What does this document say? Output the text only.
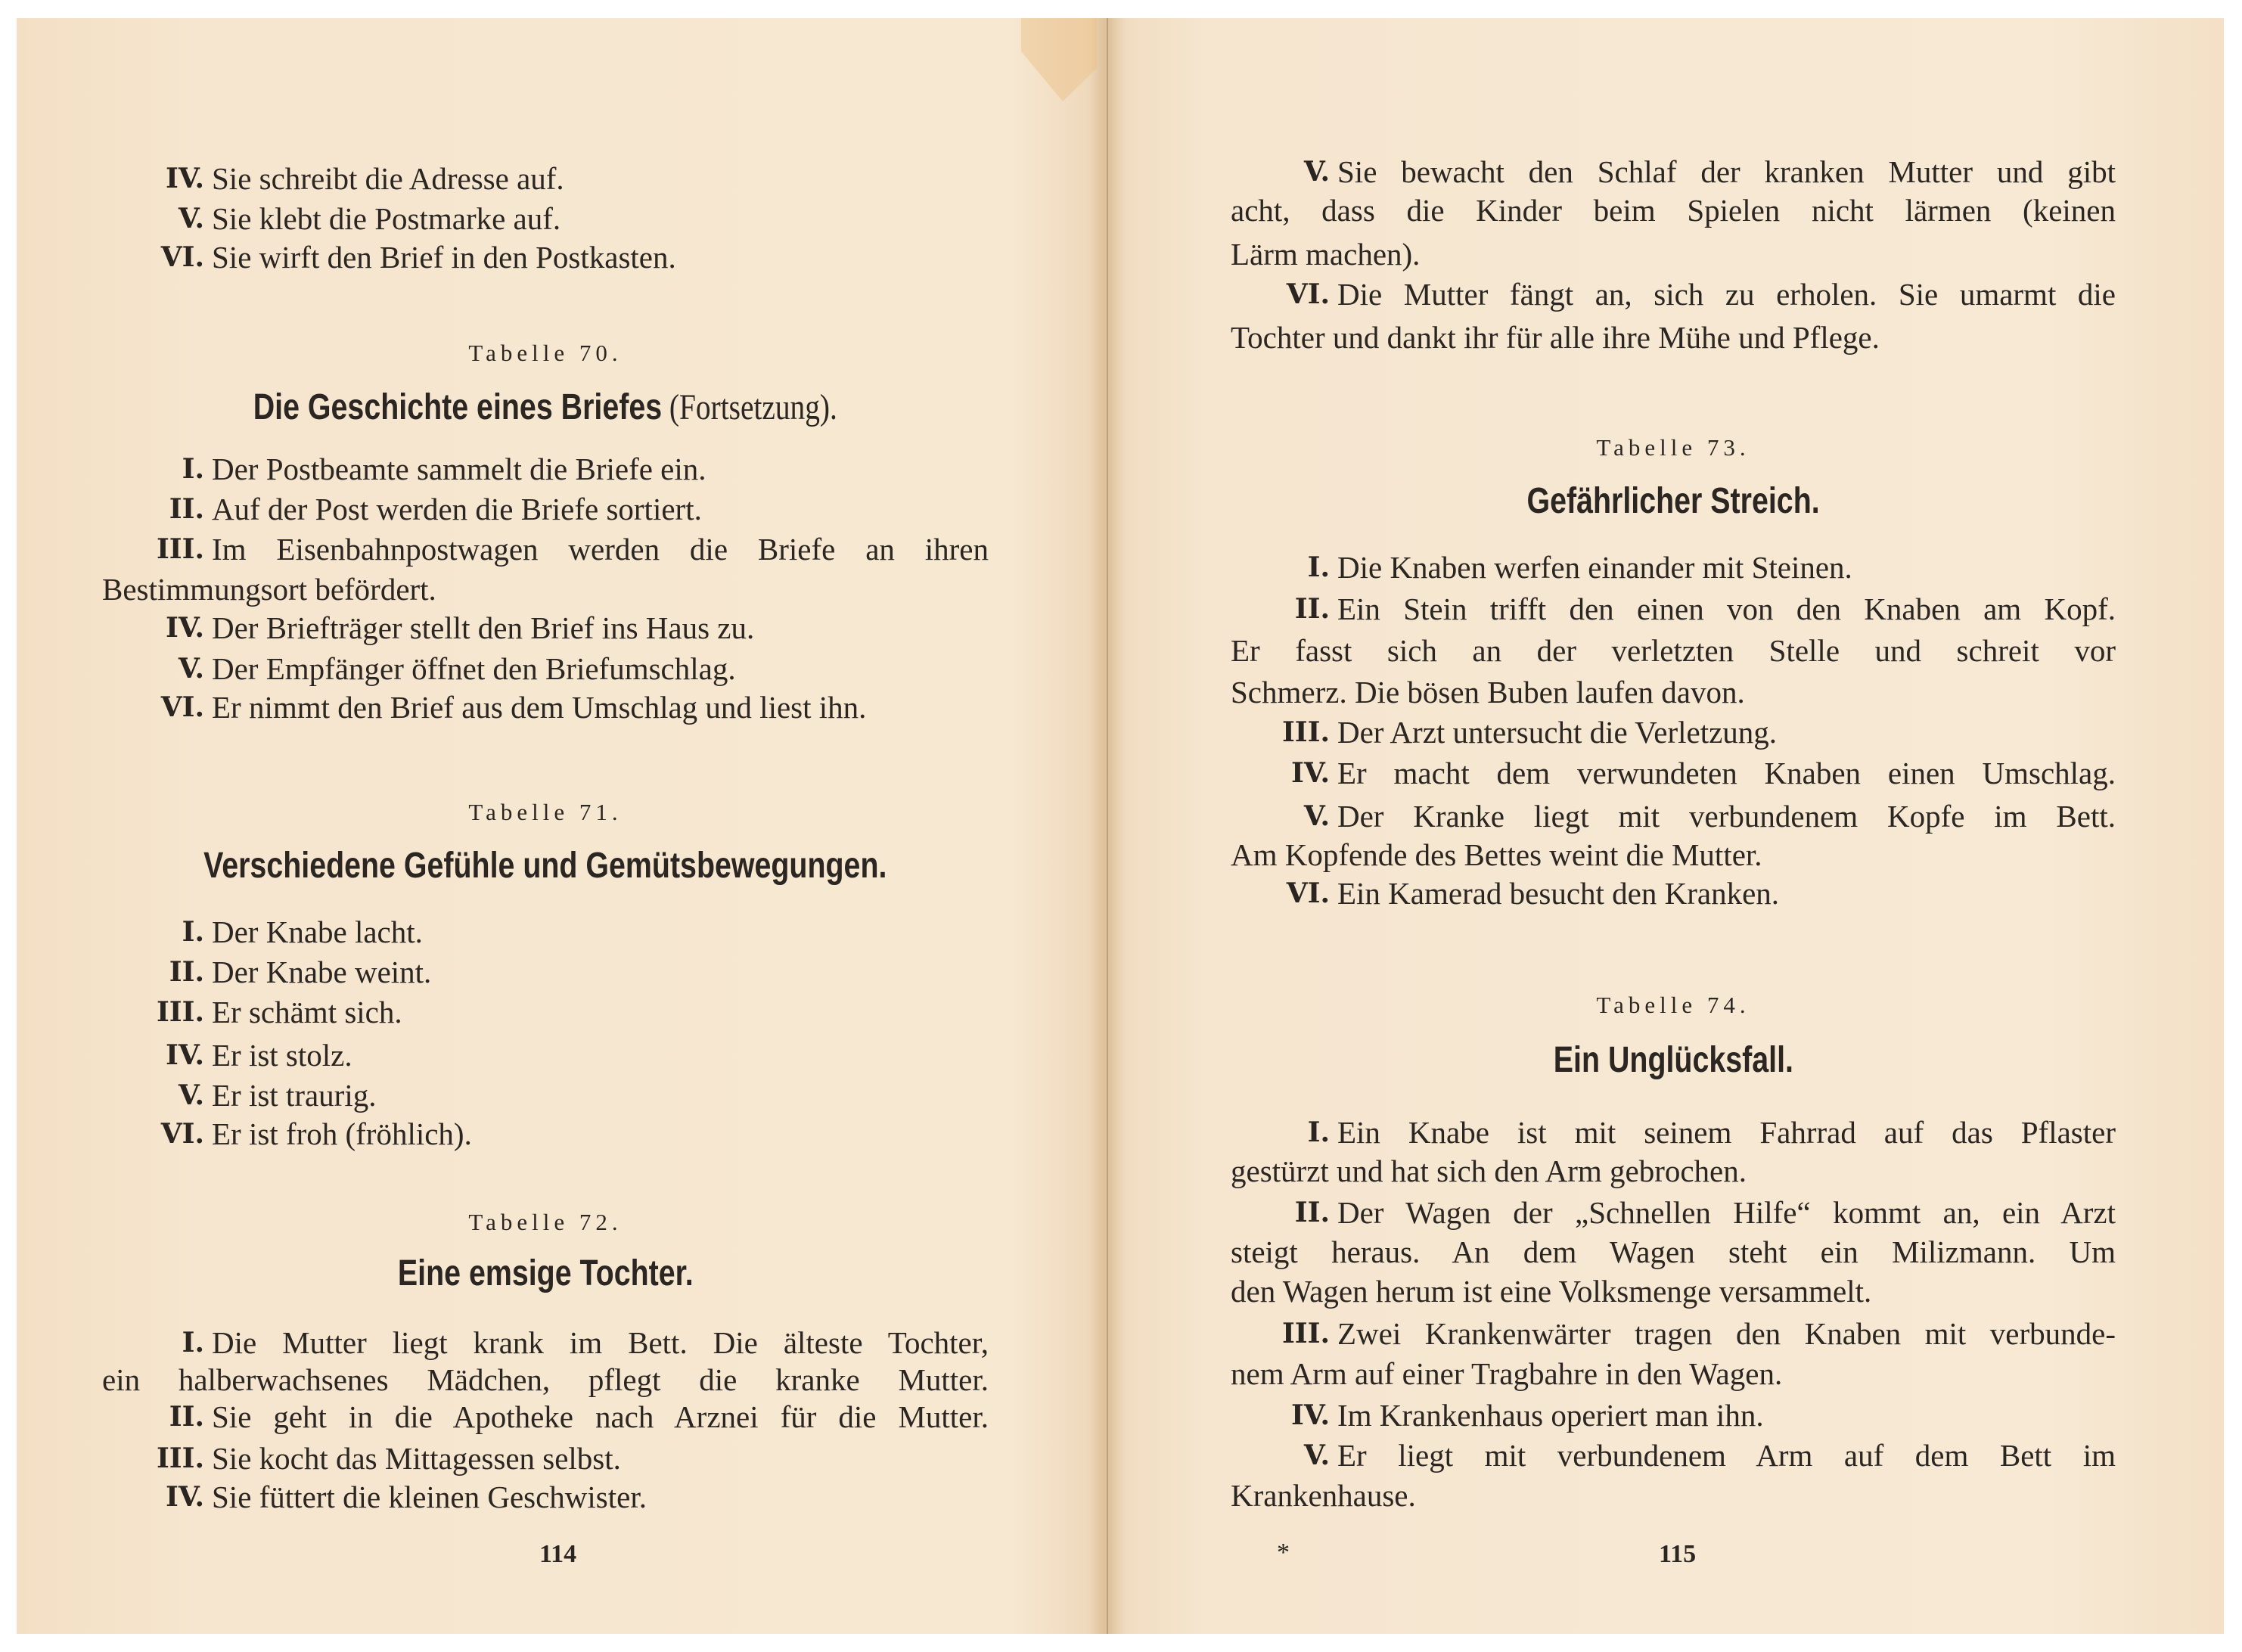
IV. Sie schreibt die Adresse auf.
V. Sie klebt die Postmarke auf.
VI. Sie wirft den Brief in den Postkasten.
Tabelle 70.
Die Geschichte eines Briefes (Fortsetzung).
I. Der Postbeamte sammelt die Briefe ein.
II. Auf der Post werden die Briefe sortiert.
III. Im Eisenbahnpostwagen werden die Briefe an ihren
Bestimmungsort befördert.
IV. Der Briefträger stellt den Brief ins Haus zu.
V. Der Empfänger öffnet den Briefumschlag.
VI. Er nimmt den Brief aus dem Umschlag und liest ihn.
Tabelle 71.
Verschiedene Gefühle und Gemütsbewegungen.
I. Der Knabe lacht.
II. Der Knabe weint.
III. Er schämt sich.
IV. Er ist stolz.
V. Er ist traurig.
VI. Er ist froh (fröhlich).
Tabelle 72.
Eine emsige Tochter.
I. Die Mutter liegt krank im Bett. Die älteste Tochter,
ein halberwachsenes Mädchen, pflegt die kranke Mutter.
II. Sie geht in die Apotheke nach Arznei für die Mutter.
III. Sie kocht das Mittagessen selbst.
IV. Sie füttert die kleinen Geschwister.
V. Sie bewacht den Schlaf der kranken Mutter und gibt
acht, dass die Kinder beim Spielen nicht lärmen (keinen
Lärm machen).
VI. Die Mutter fängt an, sich zu erholen. Sie umarmt die
Tochter und dankt ihr für alle ihre Mühe und Pflege.
Tabelle 73.
Gefährlicher Streich.
I. Die Knaben werfen einander mit Steinen.
II. Ein Stein trifft den einen von den Knaben am Kopf.
Er fasst sich an der verletzten Stelle und schreit vor
Schmerz. Die bösen Buben laufen davon.
III. Der Arzt untersucht die Verletzung.
IV. Er macht dem verwundeten Knaben einen Umschlag.
V. Der Kranke liegt mit verbundenem Kopfe im Bett.
Am Kopfende des Bettes weint die Mutter.
VI. Ein Kamerad besucht den Kranken.
Tabelle 74.
Ein Unglücksfall.
I. Ein Knabe ist mit seinem Fahrrad auf das Pflaster
gestürzt und hat sich den Arm gebrochen.
II. Der Wagen der „Schnellen Hilfe“ kommt an, ein Arzt
steigt heraus. An dem Wagen steht ein Milizmann. Um
den Wagen herum ist eine Volksmenge versammelt.
III. Zwei Krankenwärter tragen den Knaben mit verbunde-
nem Arm auf einer Tragbahre in den Wagen.
IV. Im Krankenhaus operiert man ihn.
V. Er liegt mit verbundenem Arm auf dem Bett im
Krankenhause.
114	115
*
